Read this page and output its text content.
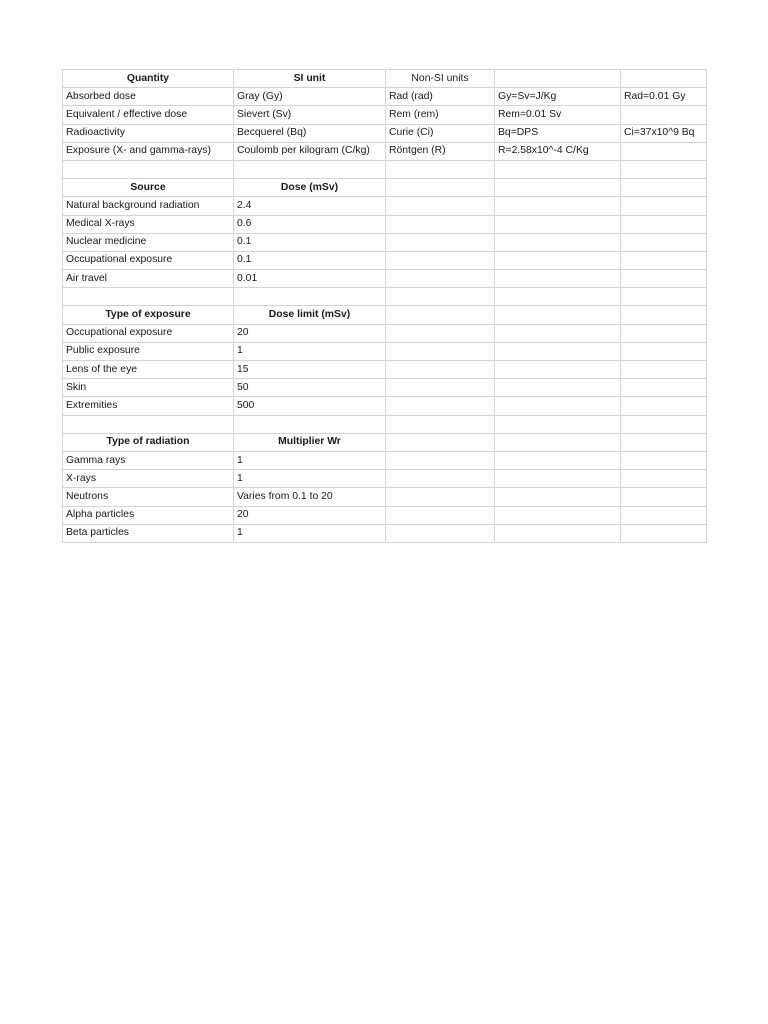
Quantity	SI unit	Non-SI units		
Absorbed dose	Gray (Gy)	Rad (rad)	Gy=Sv=J/Kg	Rad=0.01 Gy
Equivalent / effective dose	Sievert (Sv)	Rem (rem)	Rem=0.01 Sv	
Radioactivity	Becquerel (Bq)	Curie (Ci)	Bq=DPS	Ci=37x10^9 Bq
Exposure (X- and gamma-rays)	Coulomb per kilogram (C/kg)	Röntgen (R)	R=2.58x10^-4 C/Kg	

Source	Dose (mSv)			
Natural background radiation	2.4			
Medical X-rays	0.6			
Nuclear medicine	0.1			
Occupational exposure	0.1			
Air travel	0.01			

Type of exposure	Dose limit (mSv)			
Occupational exposure	20			
Public exposure	1			
Lens of the eye	15			
Skin	50			
Extremities	500			

Type of radiation	Multiplier Wr			
Gamma rays	1			
X-rays	1			
Neutrons	Varies from 0.1 to 20			
Alpha particles	20			
Beta particles	1			
